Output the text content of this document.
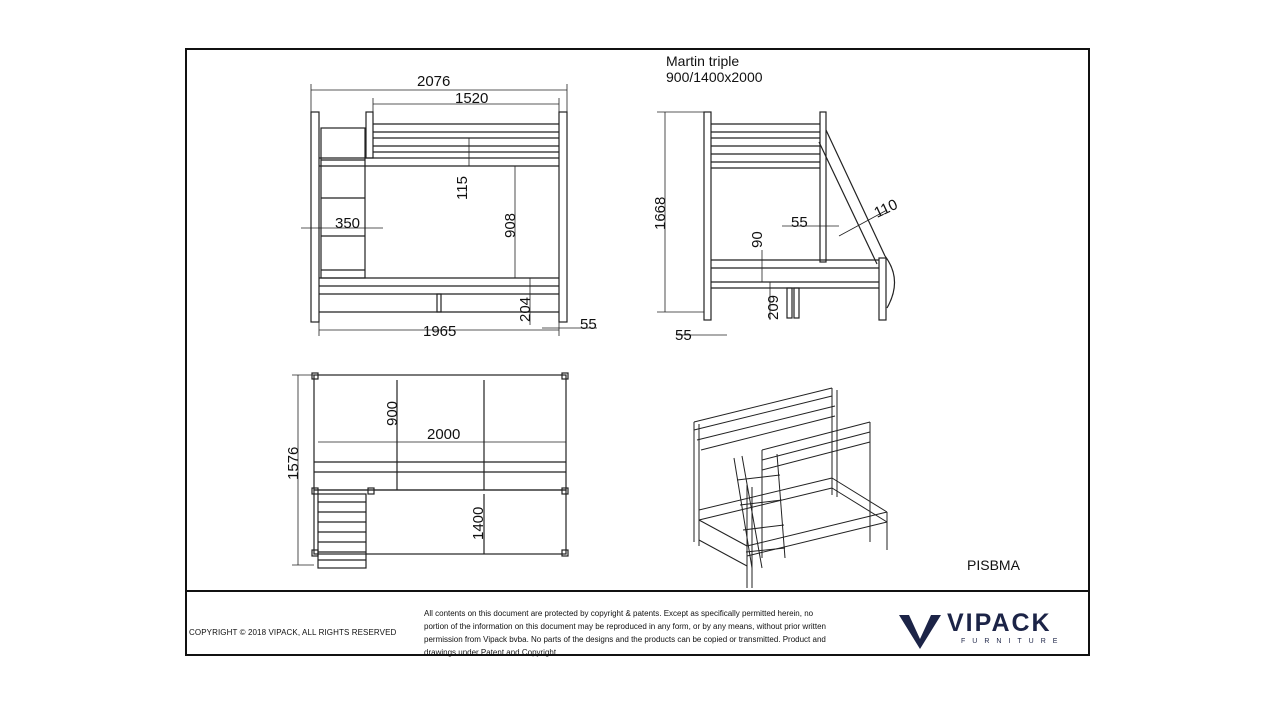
Martin triple
900/1400x2000
2076
1520
115
350	908
204
1965	55
1668	55
110
90
209
55
1576
900
2000
1400
PISBMA
COPYRIGHT © 2018 VIPACK, ALL RIGHTS RESERVED
All contents on this document are protected by copyright & patents. Except as specifically permitted herein, no portion of the information on this document may be reproduced in any form, or by any means, without prior written permission from Vipack bvba. No parts of the designs and the products can be copied or transmitted. Product and drawings under Patent and Copyright
VIPACK
FURNITURE
